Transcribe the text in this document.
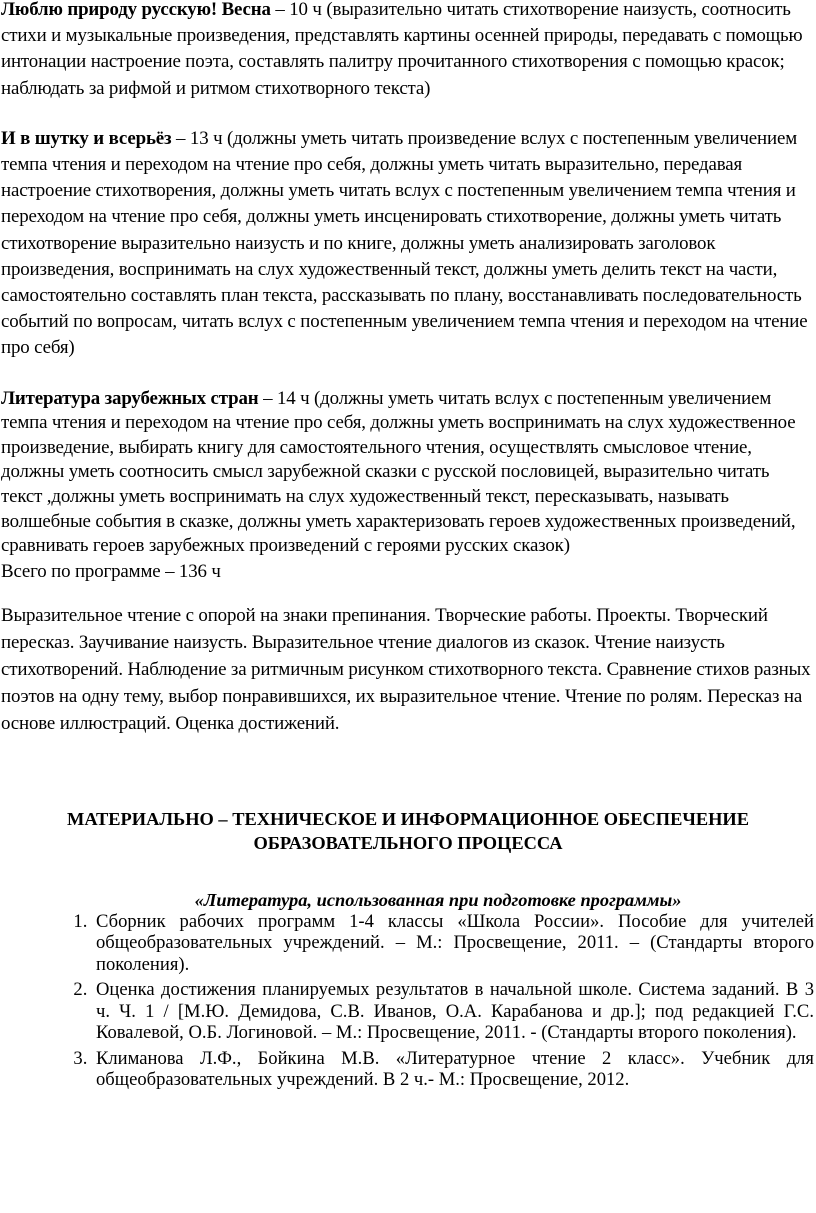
Люблю природу русскую! Весна – 10 ч (выразительно читать стихотворение наизусть, соотносить стихи и музыкальные произведения, представлять картины осенней природы, передавать с помощью интонации настроение поэта, составлять палитру прочитанного стихотворения с помощью красок; наблюдать за рифмой и ритмом стихотворного текста)

И в шутку и всерьёз – 13 ч (должны уметь читать произведение вслух с постепенным увеличением темпа чтения и переходом на чтение про себя, должны уметь читать выразительно, передавая настроение стихотворения, должны уметь читать вслух с постепенным увеличением темпа чтения и переходом на чтение про себя, должны уметь инсценировать стихотворение, должны уметь читать стихотворение выразительно наизусть и по книге, должны уметь анализировать заголовок произведения, воспринимать на слух художественный текст, должны уметь делить текст на части, самостоятельно составлять план текста, рассказывать по плану, восстанавливать последовательность событий по вопросам, читать вслух с постепенным увеличением темпа чтения и переходом на чтение про себя)

Литература зарубежных стран – 14 ч (должны уметь читать вслух с постепенным увеличением темпа чтения и переходом на чтение про себя, должны уметь воспринимать на слух художественное произведение, выбирать книгу для самостоятельного чтения, осуществлять смысловое чтение, должны уметь соотносить смысл зарубежной сказки с русской пословицей, выразительно читать текст ,должны уметь воспринимать на слух художественный текст, пересказывать, называть волшебные события в сказке, должны уметь характеризовать героев художественных произведений, сравнивать героев зарубежных произведений с героями русских сказок)

Всего по программе – 136 ч

Выразительное чтение с опорой на знаки препинания. Творческие работы. Проекты. Творческий пересказ. Заучивание наизусть. Выразительное чтение диалогов из сказок. Чтение наизусть стихотворений. Наблюдение за ритмичным рисунком стихотворного текста. Сравнение стихов разных поэтов на одну тему, выбор понравившихся, их выразительное чтение. Чтение по ролям. Пересказ на основе иллюстраций. Оценка достижений.

МАТЕРИАЛЬНО – ТЕХНИЧЕСКОЕ И ИНФОРМАЦИОННОЕ ОБЕСПЕЧЕНИЕ

ОБРАЗОВАТЕЛЬНОГО ПРОЦЕССА

«Литература, использованная при подготовке программы»

1. Сборник рабочих программ 1-4 классы «Школа России». Пособие для учителей общеобразовательных учреждений. – М.: Просвещение, 2011. – (Стандарты второго поколения).
2. Оценка достижения планируемых результатов в начальной школе. Система заданий. В 3 ч. Ч. 1 / [М.Ю. Демидова, С.В. Иванов, О.А. Карабанова и др.]; под редакцией Г.С. Ковалевой, О.Б. Логиновой. – М.: Просвещение, 2011. - (Стандарты второго поколения).
3. Климанова Л.Ф., Бойкина М.В. «Литературное чтение 2 класс». Учебник для общеобразовательных учреждений. В 2 ч.- М.: Просвещение, 2012.
